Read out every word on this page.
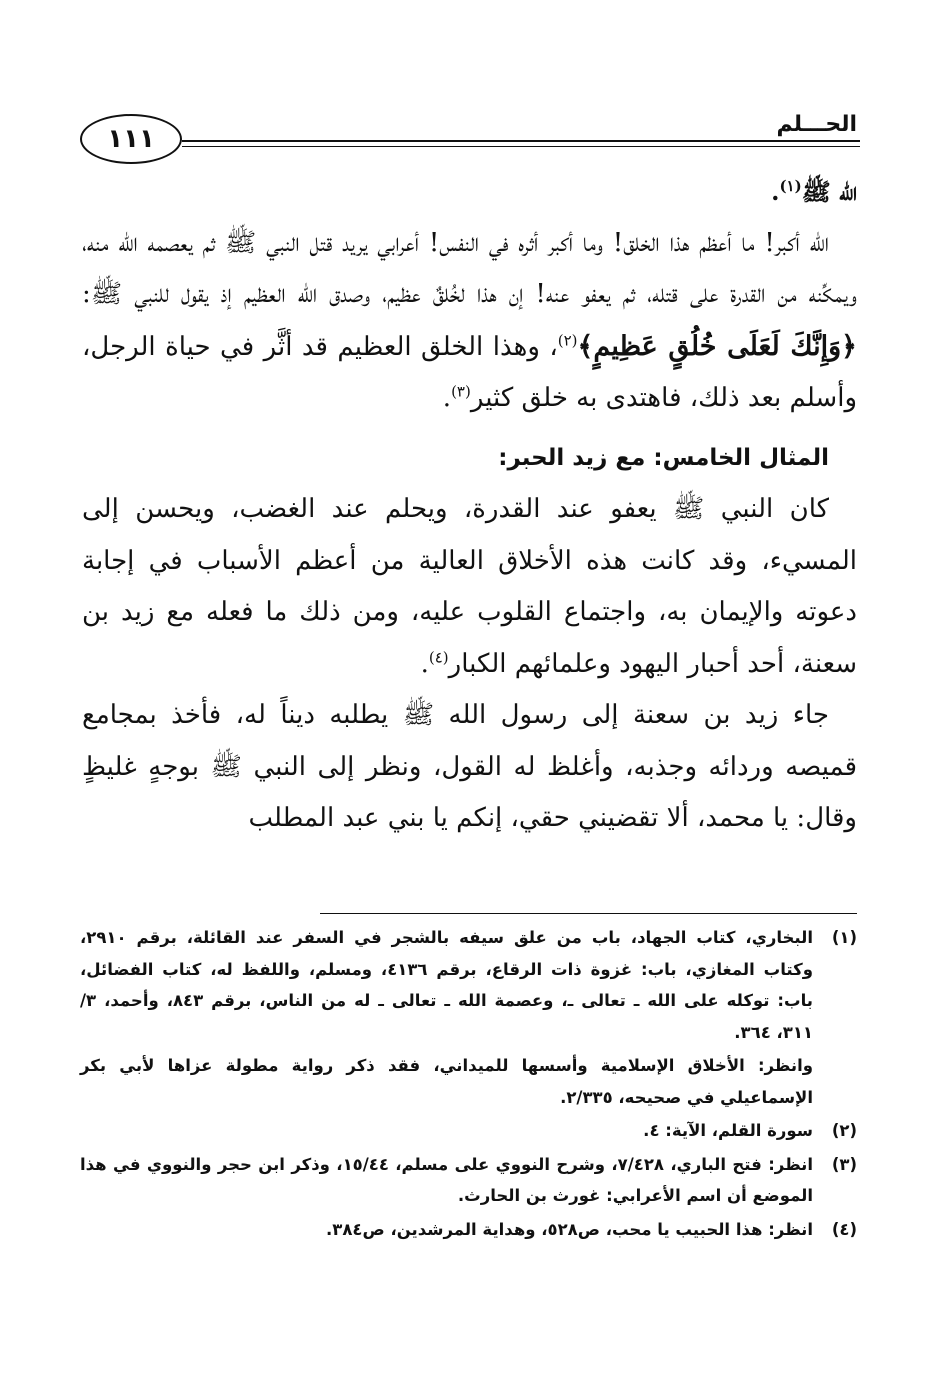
الحـــلم
١١١

الله ﷺ$^{(١)}$.

الله أكبر! ما أعظم هذا الخلق! وما أكبر أثره في النفس! أعرابي يريد قتل النبي ﷺ ثم يعصمه الله منه، ويمكِّنه من القدرة على قتله، ثم يعفو عنه! إن هذا لخُلقٌ عظيم، وصدق الله العظيم إذ يقول للنبي ﷺ: ﴿وَإِنَّكَ لَعَلَى خُلُقٍ عَظِيمٍ﴾$^{(٢)}$، وهذا الخلق العظيم قد أثَّر في حياة الرجل، وأسلم بعد ذلك، فاهتدى به خلق كثير$^{(٣)}$.

المثال الخامس: مع زيد الحبر:

كان النبي ﷺ يعفو عند القدرة، ويحلم عند الغضب، ويحسن إلى المسيء، وقد كانت هذه الأخلاق العالية من أعظم الأسباب في إجابة دعوته والإيمان به، واجتماع القلوب عليه، ومن ذلك ما فعله مع زيد بن سعنة، أحد أحبار اليهود وعلمائهم الكبار$^{(٤)}$.

جاء زيد بن سعنة إلى رسول الله ﷺ يطلبه ديناً له، فأخذ بمجامع قميصه وردائه وجذبه، وأغلظ له القول، ونظر إلى النبي ﷺ بوجهٍ غليظٍ وقال: يا محمد، ألا تقضيني حقي، إنكم يا بني عبد المطلب

(١)
البخاري، كتاب الجهاد، باب من علق سيفه بالشجر في السفر عند القائلة، برقم ٢٩١٠، وكتاب المغازي، باب: غزوة ذات الرقاع، برقم ٤١٣٦، ومسلم، واللفظ له، كتاب الفضائل، باب: توكله على الله ـ تعالى ـ، وعصمة الله ـ تعالى ـ له من الناس، برقم ٨٤٣، وأحمد، ٣/ ٣١١، ٣٦٤.
وانظر: الأخلاق الإسلامية وأسسها للميداني، فقد ذكر رواية مطولة عزاها لأبي بكر الإسماعيلي في صحيحه، ٢/٣٣٥.
(٢)
سورة القلم، الآية: ٤.
(٣)
انظر: فتح الباري، ٧/٤٢٨، وشرح النووي على مسلم، ١٥/٤٤، وذكر ابن حجر والنووي في هذا الموضع أن اسم الأعرابي: غورث بن الحارث.
(٤)
انظر: هذا الحبيب يا محب، ص٥٢٨، وهداية المرشدين، ص٣٨٤.
